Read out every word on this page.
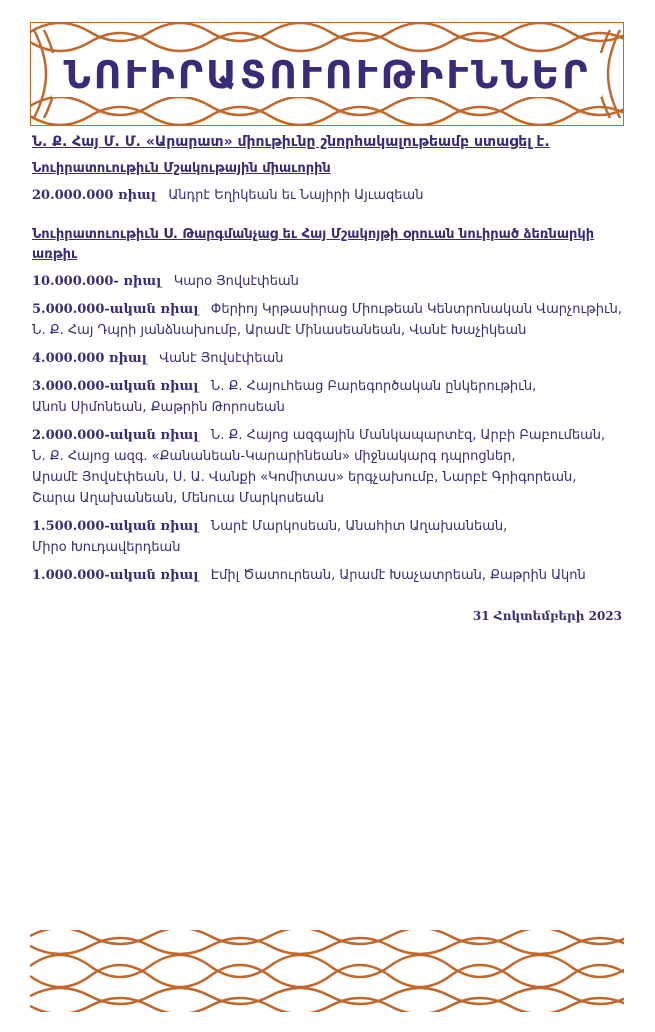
ՆՈՒԻՐԱՏՈՒՈՒԹԻՒՆՆԵՐ

Ն. Ք. Հայ Մ. Մ. «Արարատ» միութիւնը շնորհակալութեամբ ստացել է.

Նուիրատուութիւն Մշակութային միաւորին

20.000.000 ռիալ Անդրէ Եղիկեան եւ Նայիրի Այւազեան

Նուիրատուութիւն Ս. Թարգմանչաց եւ Հայ Մշակոյթի օրուան նուիրած ձեռնարկի առթիւ

10.000.000- ռիալ Կարօ Յովսէփեան

5.000.000-ական ռիալ Փերիոյ Կրթասիրաց Միութեան Կենտրոնական Վարչութիւն,
Ն. Ք. Հայ Դպրի յանձնախումբ, Արամէ Մինասեանեան, Վանէ Խաչիկեան

4.000.000 ռիալ Վանէ Յովսէփեան

3.000.000-ական ռիալ Ն. Ք. Հայուհեաց Բարեգործական ընկերութիւն,
Անոն Սիմոնեան, Քաթրին Թորոսեան

2.000.000-ական ռիալ Ն. Ք. Հայոց ազգային Մանկապարտէզ, Արբի Բաբումեան,
Ն. Ք. Հայոց ազգ. «Քանանեան-Կարարինեան» միջնակարգ դպրոցներ,
Արամէ Յովսէփեան, Ս. Ա. Վանքի «Կոմիտաս» երգչախումբ, Նարբէ Գրիգորեան,
Շարա Աղախանեան, Մենուա Մարկոսեան

1.500.000-ական ռիալ Նարէ Մարկոսեան, Անահիտ Աղախանեան,
Միրօ Խուդավերդեան

1.000.000-ական ռիալ Էմիլ Ծատուրեան, Արամէ Խաչատրեան, Քաթրին Ակոն

31 Հոկտեմբերի 2023
